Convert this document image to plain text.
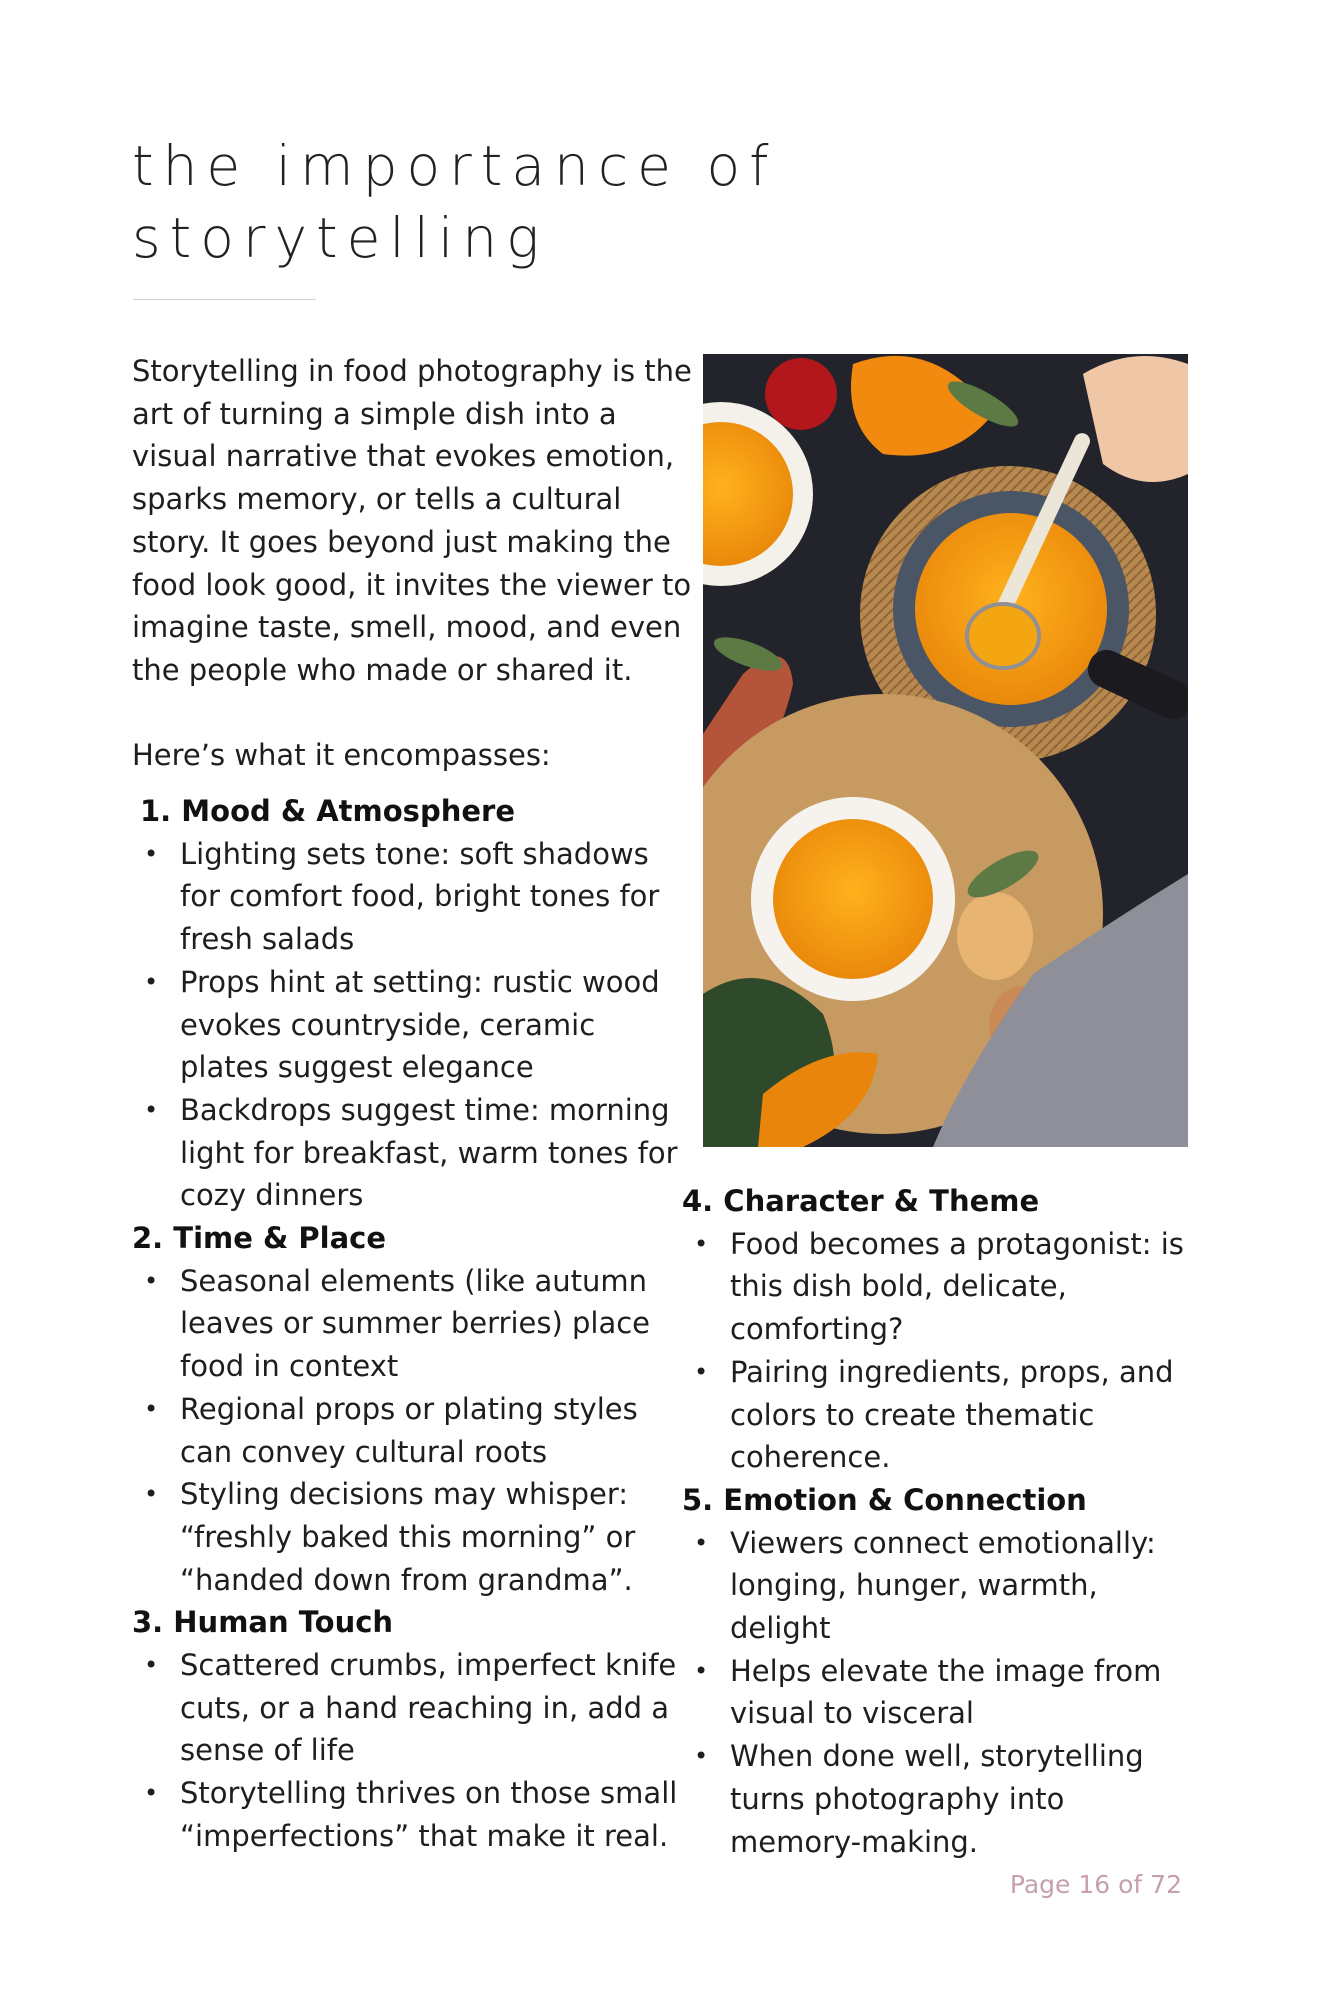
the importance of
storytelling

Storytelling in food photography is the art of turning a simple dish into a visual narrative that evokes emotion, sparks memory, or tells a cultural story. It goes beyond just making the food look good, it invites the viewer to imagine taste, smell, mood, and even the people who made or shared it.

Here’s what it encompasses:

1. Mood & Atmosphere

• Lighting sets tone: soft shadows for comfort food, bright tones for fresh salads
• Props hint at setting: rustic wood evokes countryside, ceramic plates suggest elegance
• Backdrops suggest time: morning light for breakfast, warm tones for cozy dinners

2. Time & Place

• Seasonal elements (like autumn leaves or summer berries) place food in context
• Regional props or plating styles can convey cultural roots
• Styling decisions may whisper: “freshly baked this morning” or “handed down from grandma”.

3. Human Touch

• Scattered crumbs, imperfect knife cuts, or a hand reaching in, add a sense of life
• Storytelling thrives on those small “imperfections” that make it real.

4. Character & Theme

• Food becomes a protagonist: is this dish bold, delicate, comforting?
• Pairing ingredients, props, and colors to create thematic coherence.

5. Emotion & Connection

• Viewers connect emotionally: longing, hunger, warmth, delight
• Helps elevate the image from visual to visceral
• When done well, storytelling turns photography into memory-making.
Page 16 of 72
